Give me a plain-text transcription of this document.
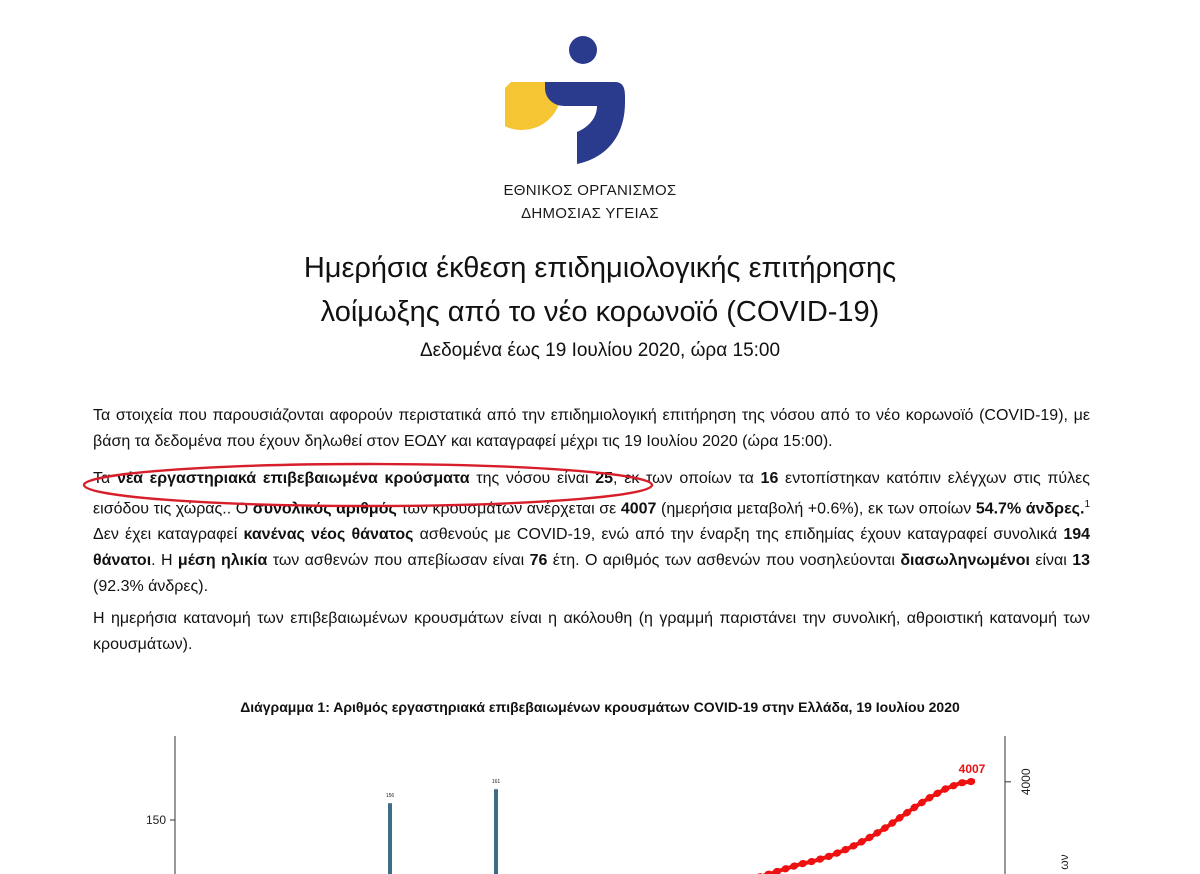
ΕΘΝΙΚΟΣ ΟΡΓΑΝΙΣΜΟΣ
ΔΗΜΟΣΙΑΣ ΥΓΕΙΑΣ
Ημερήσια έκθεση επιδημιολογικής επιτήρησης
λοίμωξης από το νέο κορωνοϊό (COVID-19)
Δεδομένα έως 19 Ιουλίου 2020, ώρα 15:00

Τα στοιχεία που παρουσιάζονται αφορούν περιστατικά από την επιδημιολογική επιτήρηση της νόσου από το νέο κορωνοϊό (COVID-19), με βάση τα δεδομένα που έχουν δηλωθεί στον ΕΟΔΥ και καταγραφεί μέχρι τις 19 Ιουλίου 2020 (ώρα 15:00).

Τα νέα εργαστηριακά επιβεβαιωμένα κρούσματα της νόσου είναι 25, εκ των οποίων τα 16 εντοπίστηκαν κατόπιν ελέγχων στις πύλες εισόδου τις χώρας.. Ο συνολικός αριθμός των κρουσμάτων ανέρχεται σε 4007 (ημερήσια μεταβολή +0.6%), εκ των οποίων 54.7% άνδρες.$^1$ Δεν έχει καταγραφεί κανένας νέος θάνατος ασθενούς με COVID-19, ενώ από την έναρξη της επιδημίας έχουν καταγραφεί συνολικά 194 θάνατοι. Η μέση ηλικία των ασθενών που απεβίωσαν είναι 76 έτη. Ο αριθμός των ασθενών που νοσηλεύονται διασωληνωμένοι είναι 13 (92.3% άνδρες).

Η ημερήσια κατανομή των επιβεβαιωμένων κρουσμάτων είναι η ακόλουθη (η γραμμή παριστάνει την συνολική, αθροιστική κατανομή των κρουσμάτων).

Διάγραμμα 1: Αριθμός εργαστηριακά επιβεβαιωμένων κρουσμάτων COVID-19 στην Ελλάδα, 19 Ιουλίου 2020
ων
150
4000
156
161
4007
